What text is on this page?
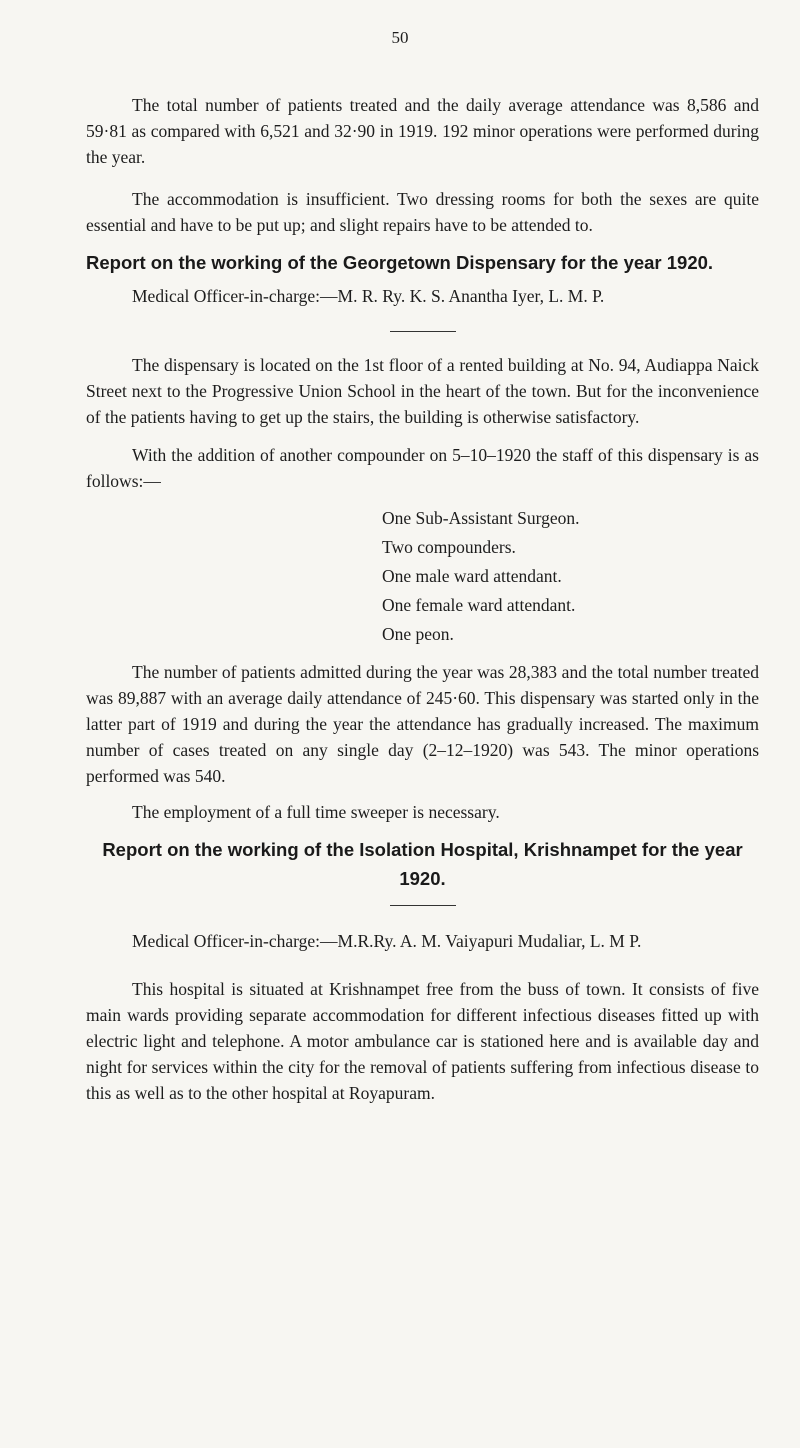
50

The total number of patients treated and the daily average attendance was 8,586 and 59·81 as compared with 6,521 and 32·90 in 1919. 192 minor operations were performed during the year.

The accommodation is insufficient. Two dressing rooms for both the sexes are quite essential and have to be put up; and slight repairs have to be attended to.

Report on the working of the Georgetown Dispensary for the year 1920.

Medical Officer-in-charge:—M. R. Ry. K. S. Anantha Iyer, L. M. P.

The dispensary is located on the 1st floor of a rented building at No. 94, Audiappa Naick Street next to the Progressive Union School in the heart of the town. But for the inconvenience of the patients having to get up the stairs, the building is otherwise satisfactory.

With the addition of another compounder on 5–10–1920 the staff of this dispensary is as follows:—

One Sub-Assistant Surgeon.
Two compounders.
One male ward attendant.
One female ward attendant.
One peon.

The number of patients admitted during the year was 28,383 and the total number treated was 89,887 with an average daily attendance of 245·60. This dispensary was started only in the latter part of 1919 and during the year the attendance has gradually increased. The maximum number of cases treated on any single day (2–12–1920) was 543. The minor operations performed was 540.

The employment of a full time sweeper is necessary.

Report on the working of the Isolation Hospital, Krishnampet for the year 1920.

Medical Officer-in-charge:—M.R.Ry. A. M. Vaiyapuri Mudaliar, L. M P.

This hospital is situated at Krishnampet free from the buss of town. It consists of five main wards providing separate accommodation for different infectious diseases fitted up with electric light and telephone. A motor ambulance car is stationed here and is available day and night for services within the city for the removal of patients suffering from infectious disease to this as well as to the other hospital at Royapuram.
